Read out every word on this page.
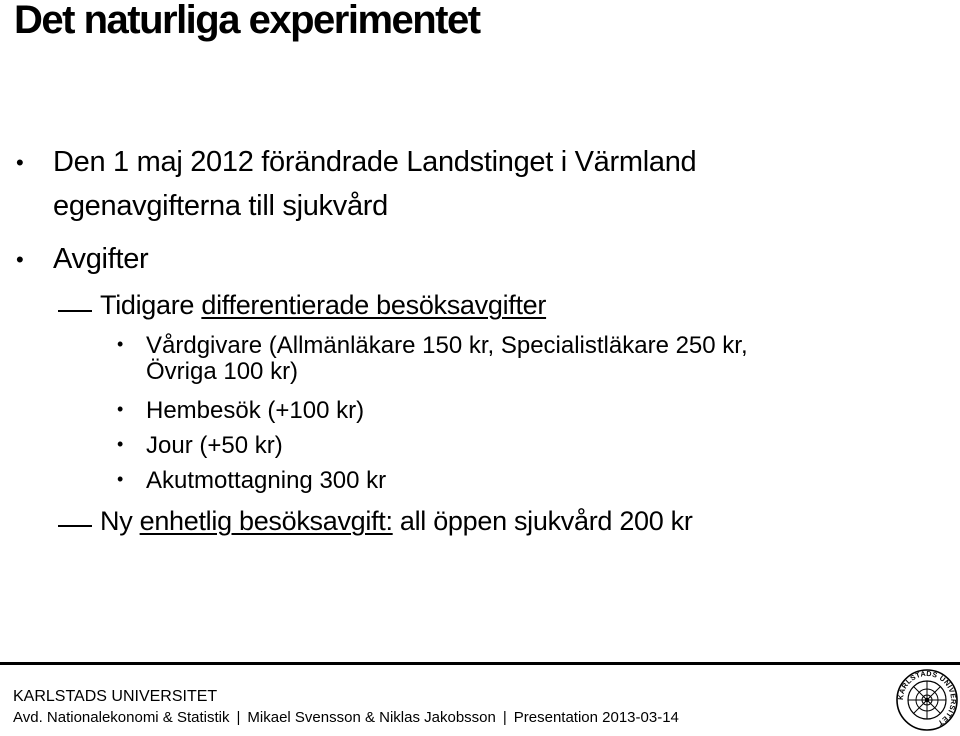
Det naturliga experimentet
• Den 1 maj 2012 förändrade Landstinget i Värmland
egenavgifterna till sjukvård
• Avgifter
Tidigare differentierade besöksavgifter
• Vårdgivare (Allmänläkare 150 kr, Specialistläkare 250 kr,
Övriga 100 kr)
• Hembesök (+100 kr)
• Jour (+50 kr)
• Akutmottagning 300 kr
Ny enhetlig besöksavgift: all öppen sjukvård 200 kr
KARLSTADS UNIVERSITET
Avd. Nationalekonomi & Statistik | Mikael Svensson & Niklas Jakobsson | Presentation 2013-03-14
KARLSTADS UNIVERSITET
